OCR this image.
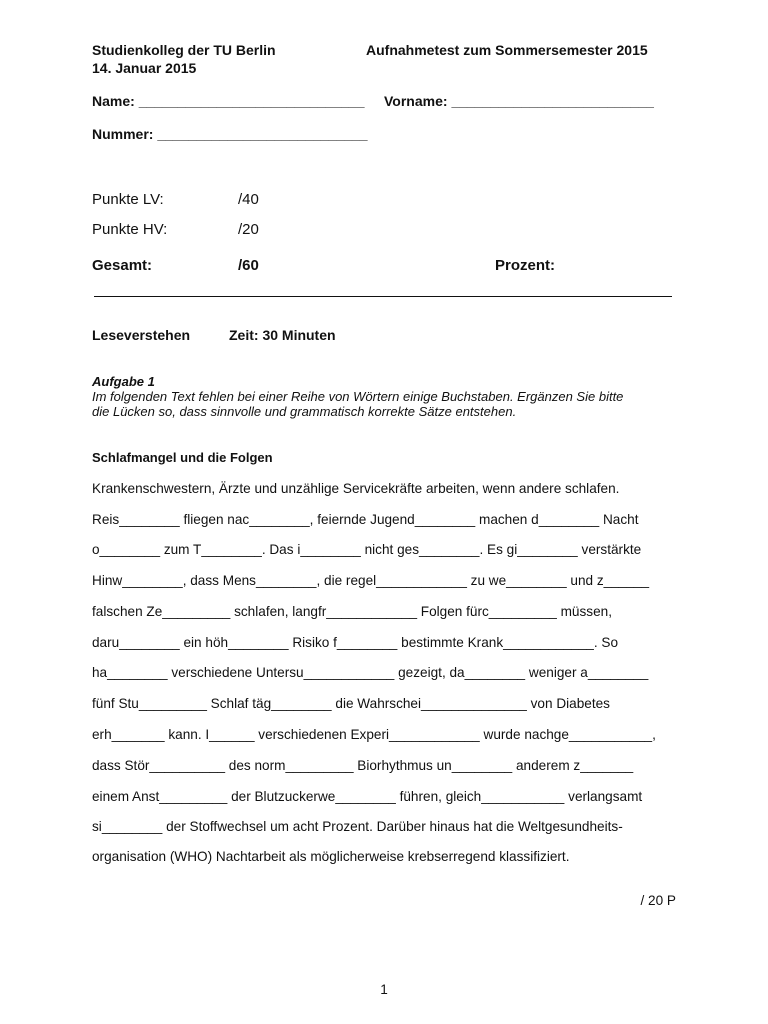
Studienkolleg der TU Berlin	Aufnahmetest zum Sommersemester 2015
14. Januar 2015
Name: _____________________________ Vorname: __________________________
Nummer: ___________________________
Punkte LV:	/40
Punkte HV:	/20
Gesamt:	/60	Prozent:
Leseverstehen	Zeit: 30 Minuten
Aufgabe 1
Im folgenden Text fehlen bei einer Reihe von Wörtern einige Buchstaben. Ergänzen Sie bitte
die Lücken so, dass sinnvolle und grammatisch korrekte Sätze entstehen.
Schlafmangel und die Folgen
Krankenschwestern, Ärzte und unzählige Servicekräfte arbeiten, wenn andere schlafen.
Reis________ fliegen nac________, feiernde Jugend________ machen d________ Nacht
o________ zum T________. Das i________ nicht ges________. Es gi________ verstärkte
Hinw________, dass Mens________, die regel____________ zu we________ und z______
falschen Ze_________ schlafen, langfr____________ Folgen fürc_________ müssen,
daru________ ein höh________ Risiko f________ bestimmte Krank____________. So
ha________ verschiedene Untersu____________ gezeigt, da________ weniger a________
fünf Stu_________ Schlaf täg________ die Wahrschei______________ von Diabetes
erh_______ kann. I______ verschiedenen Experi____________ wurde nachge___________,
dass Stör__________ des norm_________ Biorhythmus un________ anderem z_______
einem Anst_________ der Blutzuckerwe________ führen, gleich___________ verlangsamt
si________ der Stoffwechsel um acht Prozent. Darüber hinaus hat die Weltgesundheits-
organisation (WHO) Nachtarbeit als möglicherweise krebserregend klassifiziert.
/ 20 P
1
